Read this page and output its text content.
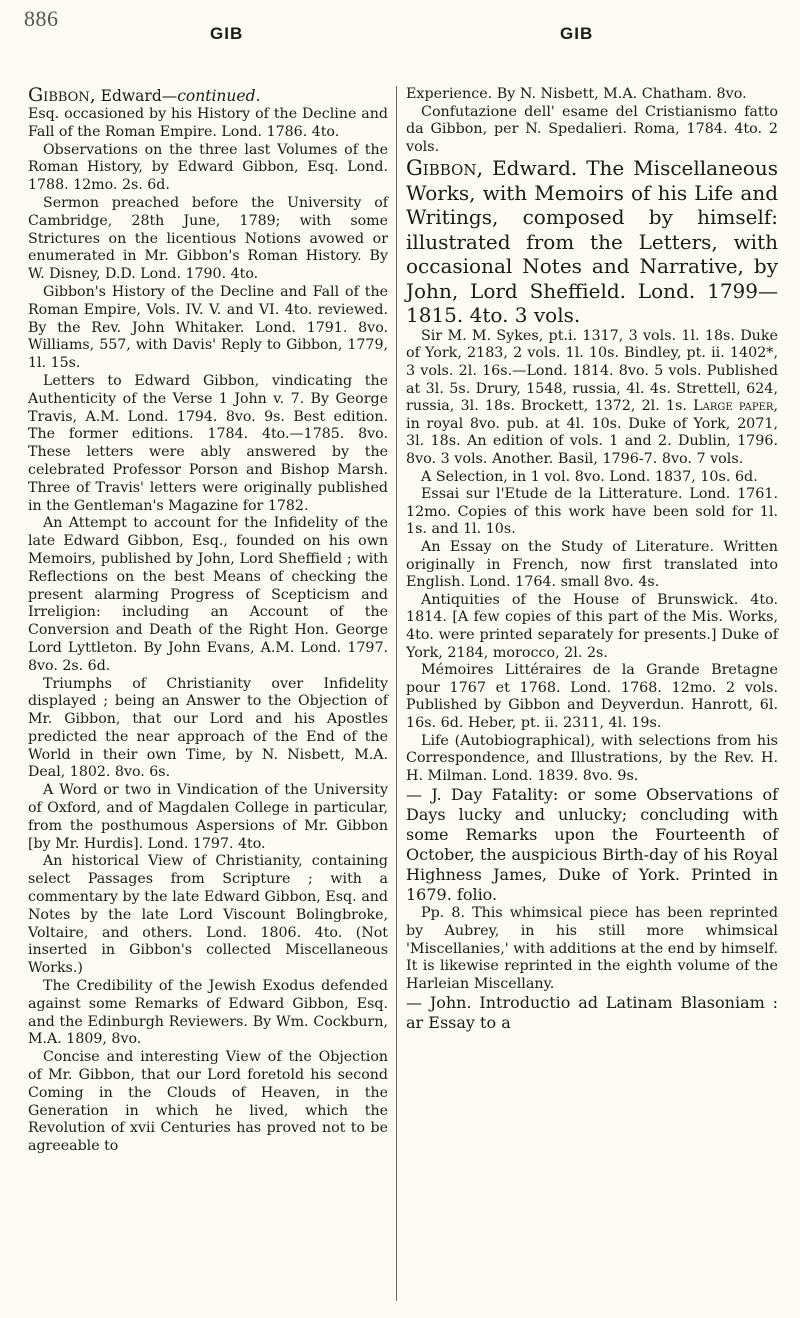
886
GIB	GIB

Gibbon, Edward—continued.

Esq. occasioned by his History of the Decline and Fall of the Roman Empire. Lond. 1786. 4to.

Observations on the three last Volumes of the Roman History, by Edward Gibbon, Esq. Lond. 1788. 12mo. 2s. 6d.

Sermon preached before the University of Cambridge, 28th June, 1789; with some Strictures on the licentious Notions avowed or enumerated in Mr. Gibbon's Roman History. By W. Disney, D.D. Lond. 1790. 4to.

Gibbon's History of the Decline and Fall of the Roman Empire, Vols. IV. V. and VI. 4to. reviewed. By the Rev. John Whitaker. Lond. 1791. 8vo. Williams, 557, with Davis' Reply to Gibbon, 1779, 1l. 15s.

Letters to Edward Gibbon, vindicating the Authenticity of the Verse 1 John v. 7. By George Travis, A.M. Lond. 1794. 8vo. 9s. Best edition. The former editions. 1784. 4to.—1785. 8vo. These letters were ably answered by the celebrated Professor Porson and Bishop Marsh. Three of Travis' letters were originally published in the Gentleman's Magazine for 1782.

An Attempt to account for the Infidelity of the late Edward Gibbon, Esq., founded on his own Memoirs, published by John, Lord Sheffield ; with Reflections on the best Means of checking the present alarming Progress of Scepticism and Irreligion: including an Account of the Conversion and Death of the Right Hon. George Lord Lyttleton. By John Evans, A.M. Lond. 1797. 8vo. 2s. 6d.

Triumphs of Christianity over Infidelity displayed ; being an Answer to the Objection of Mr. Gibbon, that our Lord and his Apostles predicted the near approach of the End of the World in their own Time, by N. Nisbett, M.A. Deal, 1802. 8vo. 6s.

A Word or two in Vindication of the University of Oxford, and of Magdalen College in particular, from the posthumous Aspersions of Mr. Gibbon [by Mr. Hurdis]. Lond. 1797. 4to.

An historical View of Christianity, containing select Passages from Scripture ; with a commentary by the late Edward Gibbon, Esq. and Notes by the late Lord Viscount Bolingbroke, Voltaire, and others. Lond. 1806. 4to. (Not inserted in Gibbon's collected Miscellaneous Works.)

The Credibility of the Jewish Exodus defended against some Remarks of Edward Gibbon, Esq. and the Edinburgh Reviewers. By Wm. Cockburn, M.A. 1809, 8vo.

Concise and interesting View of the Objection of Mr. Gibbon, that our Lord foretold his second Coming in the Clouds of Heaven, in the Generation in which he lived, which the Revolution of xvii Centuries has proved not to be agreeable to

Experience. By N. Nisbett, M.A. Chatham. 8vo.

Confutazione dell' esame del Cristianismo fatto da Gibbon, per N. Spedalieri. Roma, 1784. 4to. 2 vols.

Gibbon, Edward. The Miscellaneous Works, with Memoirs of his Life and Writings, composed by himself: illustrated from the Letters, with occasional Notes and Narrative, by John, Lord Sheffield. Lond. 1799—1815. 4to. 3 vols.

Sir M. M. Sykes, pt.i. 1317, 3 vols. 1l. 18s. Duke of York, 2183, 2 vols. 1l. 10s. Bindley, pt. ii. 1402*, 3 vols. 2l. 16s.—Lond. 1814. 8vo. 5 vols. Published at 3l. 5s. Drury, 1548, russia, 4l. 4s. Strettell, 624, russia, 3l. 18s. Brockett, 1372, 2l. 1s. Large paper, in royal 8vo. pub. at 4l. 10s. Duke of York, 2071, 3l. 18s. An edition of vols. 1 and 2. Dublin, 1796. 8vo. 3 vols. Another. Basil, 1796-7. 8vo. 7 vols.

A Selection, in 1 vol. 8vo. Lond. 1837, 10s. 6d.

Essai sur l'Etude de la Litterature. Lond. 1761. 12mo. Copies of this work have been sold for 1l. 1s. and 1l. 10s.

An Essay on the Study of Literature. Written originally in French, now first translated into English. Lond. 1764. small 8vo. 4s.

Antiquities of the House of Brunswick. 4to. 1814. [A few copies of this part of the Mis. Works, 4to. were printed separately for presents.] Duke of York, 2184, morocco, 2l. 2s.

Mémoires Littéraires de la Grande Bretagne pour 1767 et 1768. Lond. 1768. 12mo. 2 vols. Published by Gibbon and Deyverdun. Hanrott, 6l. 16s. 6d. Heber, pt. ii. 2311, 4l. 19s.

Life (Autobiographical), with selections from his Correspondence, and Illustrations, by the Rev. H. H. Milman. Lond. 1839. 8vo. 9s.

— J. Day Fatality: or some Observations of Days lucky and unlucky; concluding with some Remarks upon the Fourteenth of October, the auspicious Birth-day of his Royal Highness James, Duke of York. Printed in 1679. folio.

Pp. 8. This whimsical piece has been reprinted by Aubrey, in his still more whimsical 'Miscellanies,' with additions at the end by himself. It is likewise reprinted in the eighth volume of the Harleian Miscellany.

— John. Introductio ad Latinam Blasoniam : ar Essay to a
